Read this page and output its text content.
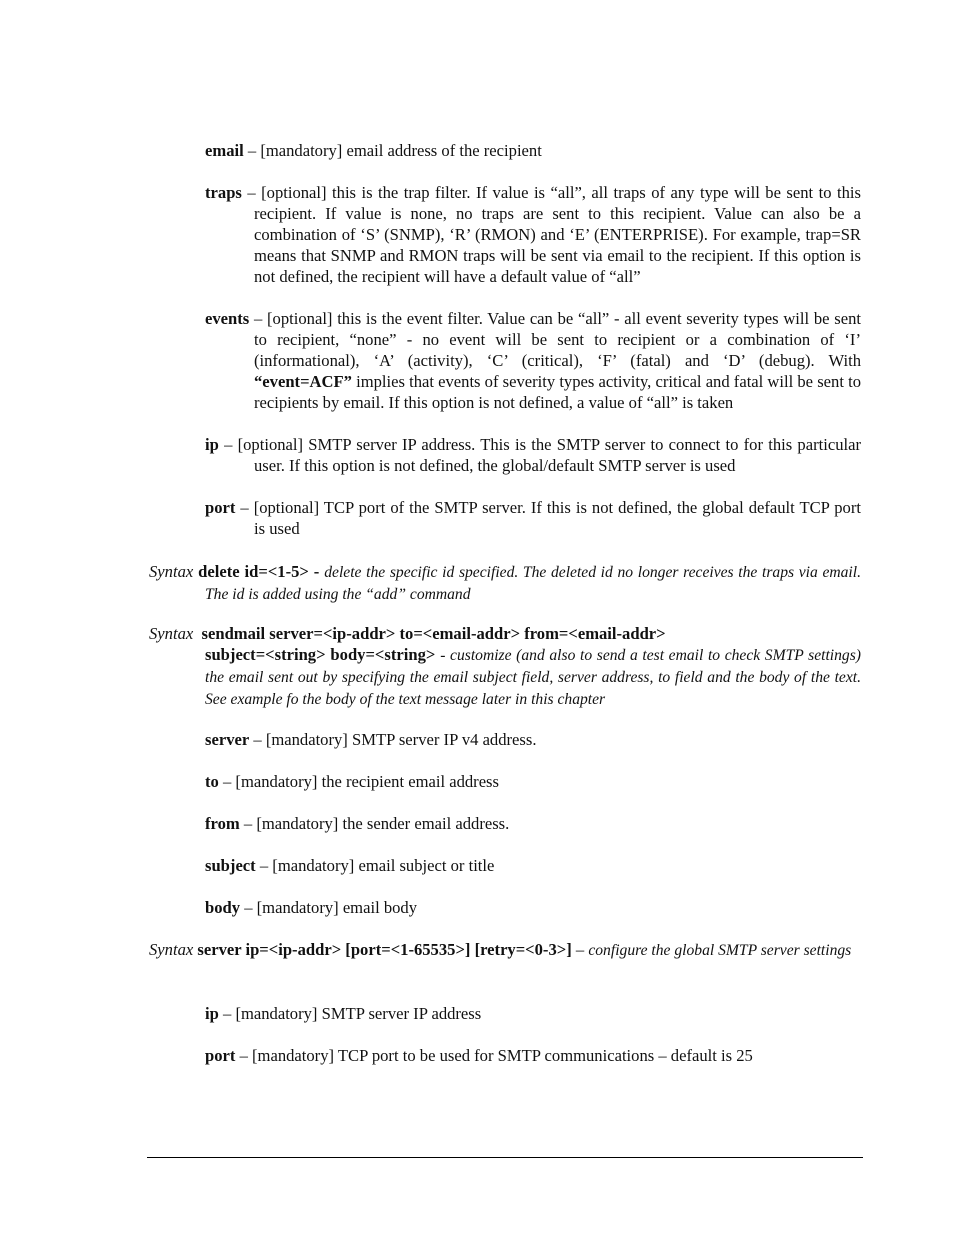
email – [mandatory] email address of the recipient

traps – [optional] this is the trap filter. If value is “all”, all traps of any type will be sent to this recipient. If value is none, no traps are sent to this recipient. Value can also be a combination of ‘S’ (SNMP), ‘R’ (RMON) and ‘E’ (ENTERPRISE). For example, trap=SR means that SNMP and RMON traps will be sent via email to the recipient. If this option is not defined, the recipient will have a default value of “all”

events – [optional] this is the event filter. Value can be “all” - all event severity types will be sent to recipient, “none” - no event will be sent to recipient or a combination of ‘I’ (informational), ‘A’ (activity), ‘C’ (critical), ‘F’ (fatal) and ‘D’ (debug). With “event=ACF” implies that events of severity types activity, critical and fatal will be sent to recipients by email. If this option is not defined, a value of “all” is taken

ip – [optional] SMTP server IP address. This is the SMTP server to connect to for this particular user. If this option is not defined, the global/default SMTP server is used

port – [optional] TCP port of the SMTP server. If this is not defined, the global default TCP port is used

Syntax delete id=<1-5> - delete the specific id specified. The deleted id no longer receives the traps via email. The id is added using the “add” command
Syntax sendmail server=<ip-addr> to=<email-addr> from=<email-addr>
subject=<string> body=<string> - customize (and also to send a test email to check SMTP settings) the email sent out by specifying the email subject field, server address, to field and the body of the text. See example fo the body of the text message later in this chapter

server – [mandatory] SMTP server IP v4 address.

to – [mandatory] the recipient email address

from – [mandatory] the sender email address.

subject – [mandatory] email subject or title

body – [mandatory] email body

Syntax server ip=<ip-addr> [port=<1-65535>] [retry=<0-3>] – configure the global SMTP server settings

ip – [mandatory] SMTP server IP address

port – [mandatory] TCP port to be used for SMTP communications – default is 25
